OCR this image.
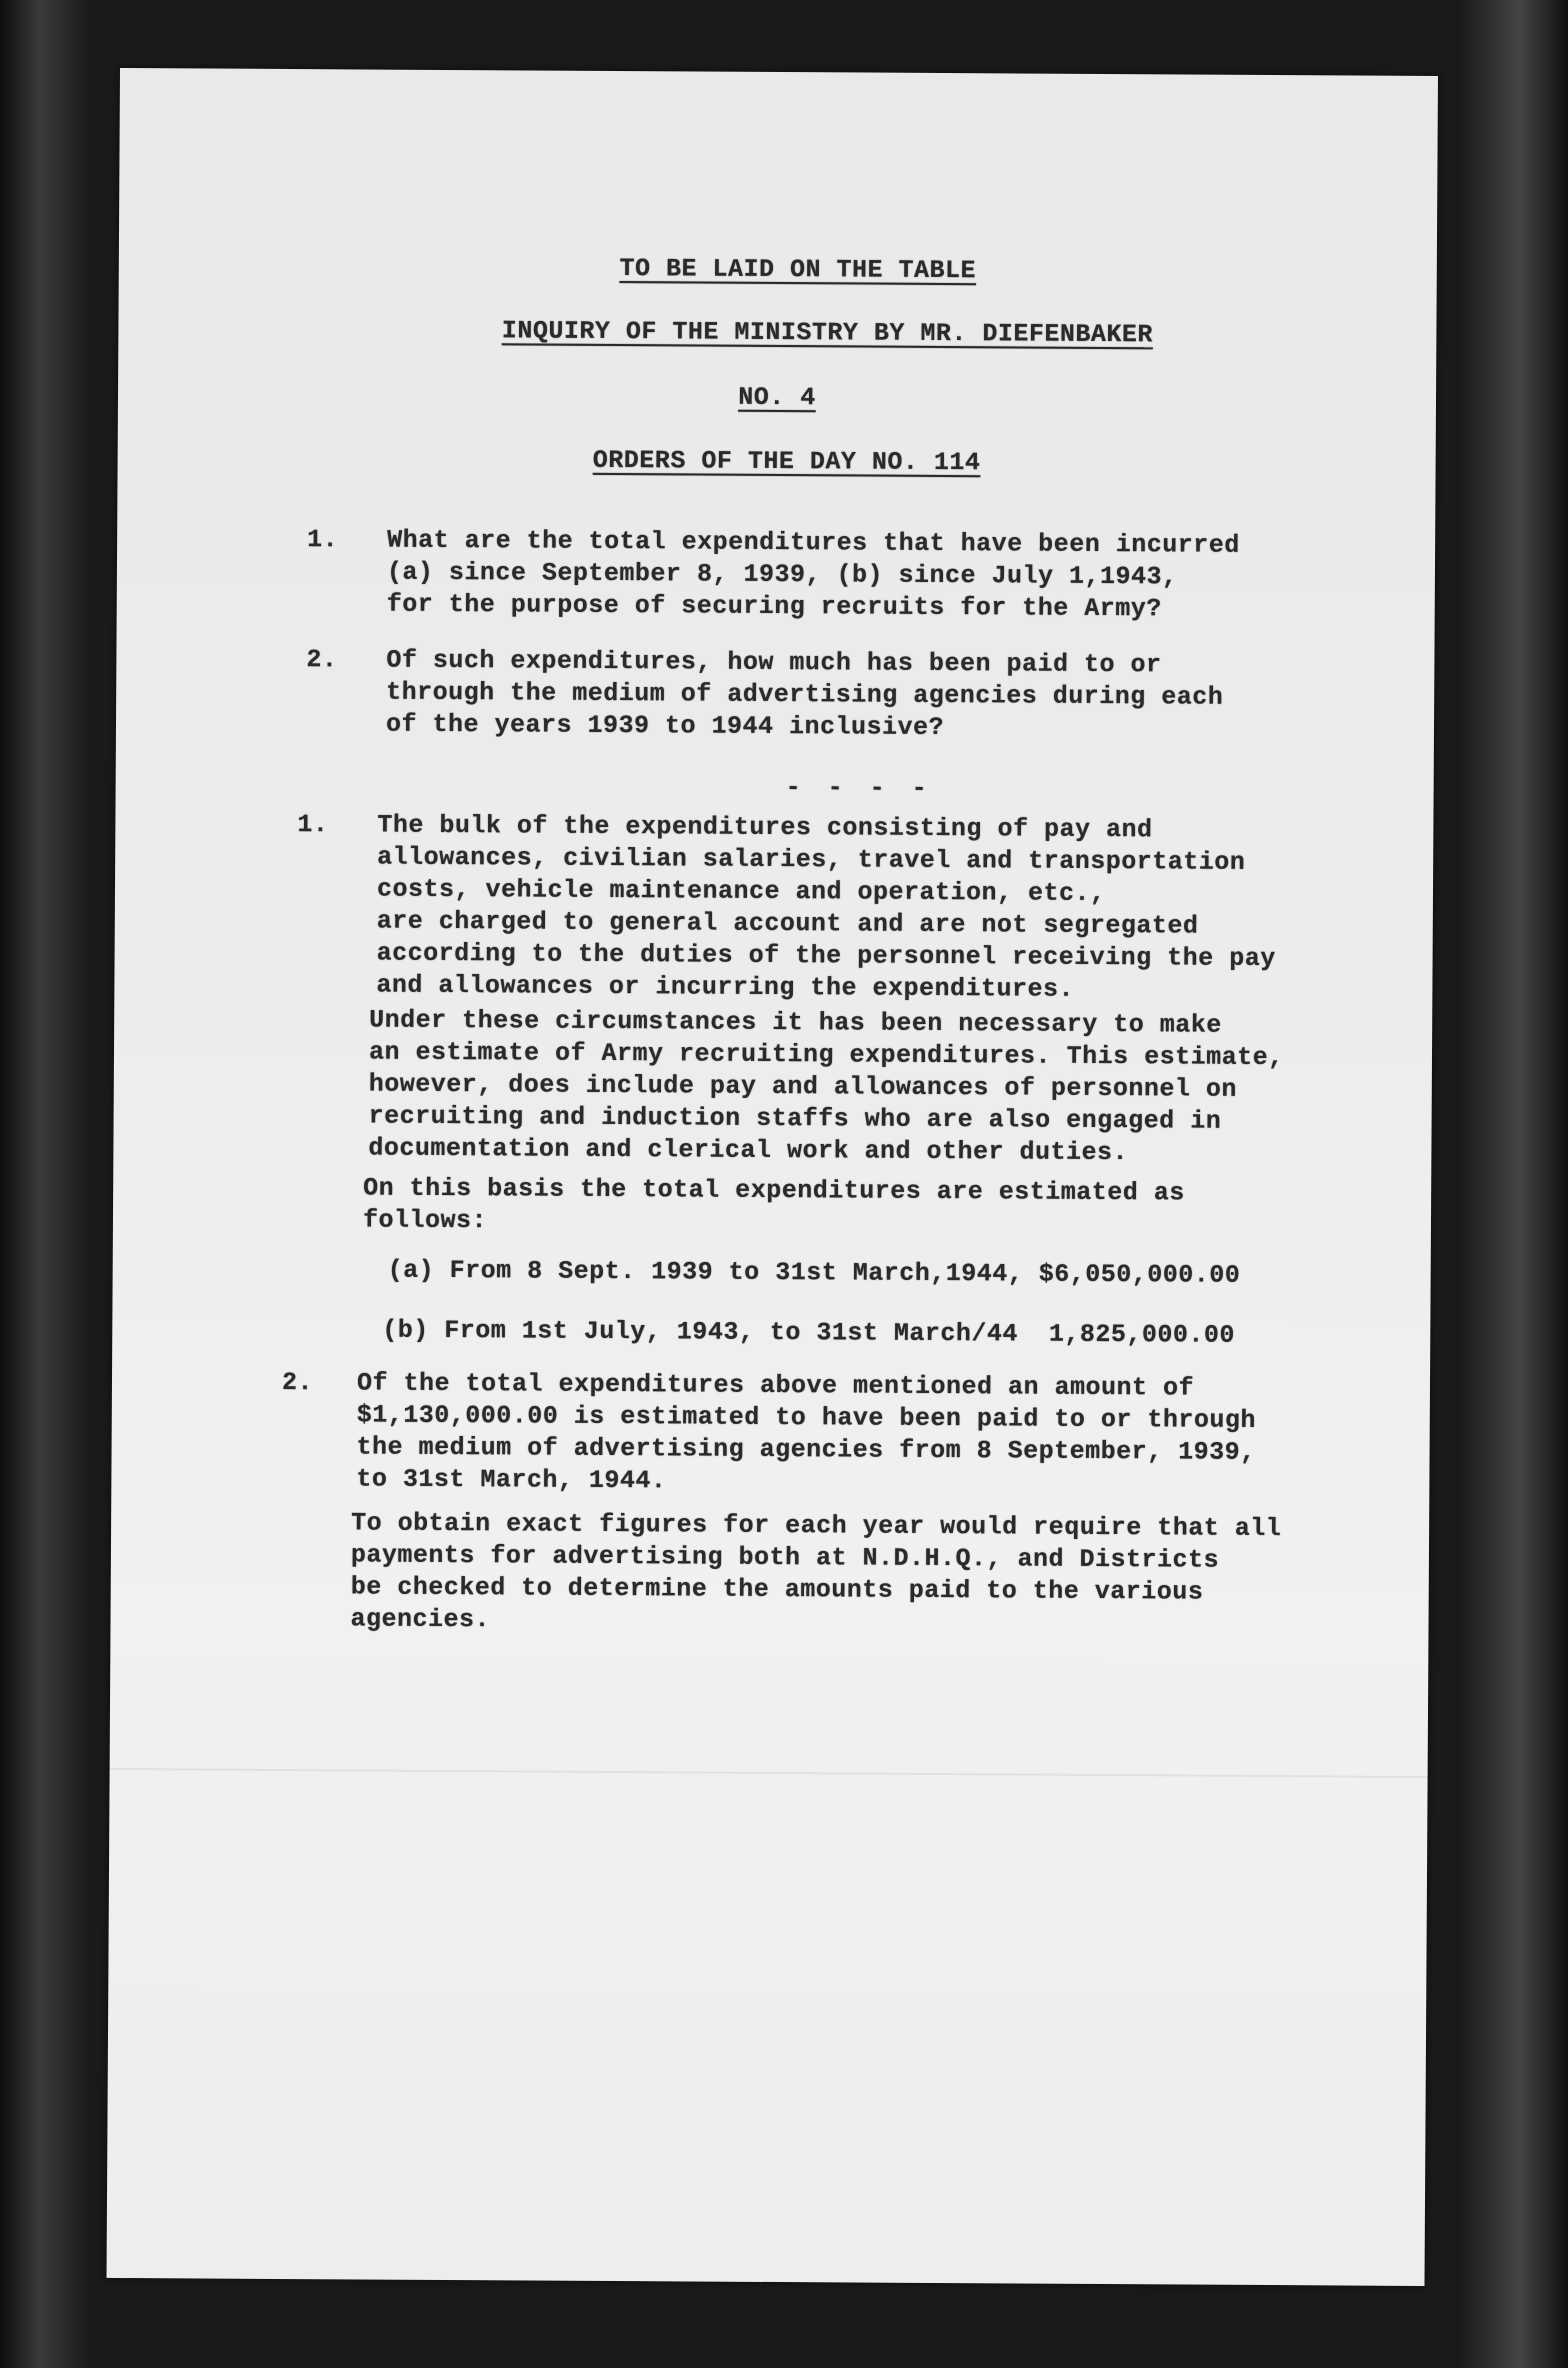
TO BE LAID ON THE TABLE

INQUIRY OF THE MINISTRY BY MR. DIEFENBAKER

NO. 4

ORDERS OF THE DAY NO. 114

1. What are the total expenditures that have been incurred
(a) since September 8, 1939, (b) since July 1,1943,
for the purpose of securing recruits for the Army?

2. Of such expenditures, how much has been paid to or
through the medium of advertising agencies during each
of the years 1939 to 1944 inclusive?

- - - -

1. The bulk of the expenditures consisting of pay and
allowances, civilian salaries, travel and transportation
costs, vehicle maintenance and operation, etc.,
are charged to general account and are not segregated
according to the duties of the personnel receiving the pay
and allowances or incurring the expenditures.

Under these circumstances it has been necessary to make
an estimate of Army recruiting expenditures. This estimate,
however, does include pay and allowances of personnel on
recruiting and induction staffs who are also engaged in
documentation and clerical work and other duties.

On this basis the total expenditures are estimated as
follows:

(a) From 8 Sept. 1939 to 31st March,1944, $6,050,000.00

(b) From 1st July, 1943, to 31st March/44  1,825,000.00

2. Of the total expenditures above mentioned an amount of
$1,130,000.00 is estimated to have been paid to or through
the medium of advertising agencies from 8 September, 1939,
to 31st March, 1944.

To obtain exact figures for each year would require that all
payments for advertising both at N.D.H.Q., and Districts
be checked to determine the amounts paid to the various
agencies.
